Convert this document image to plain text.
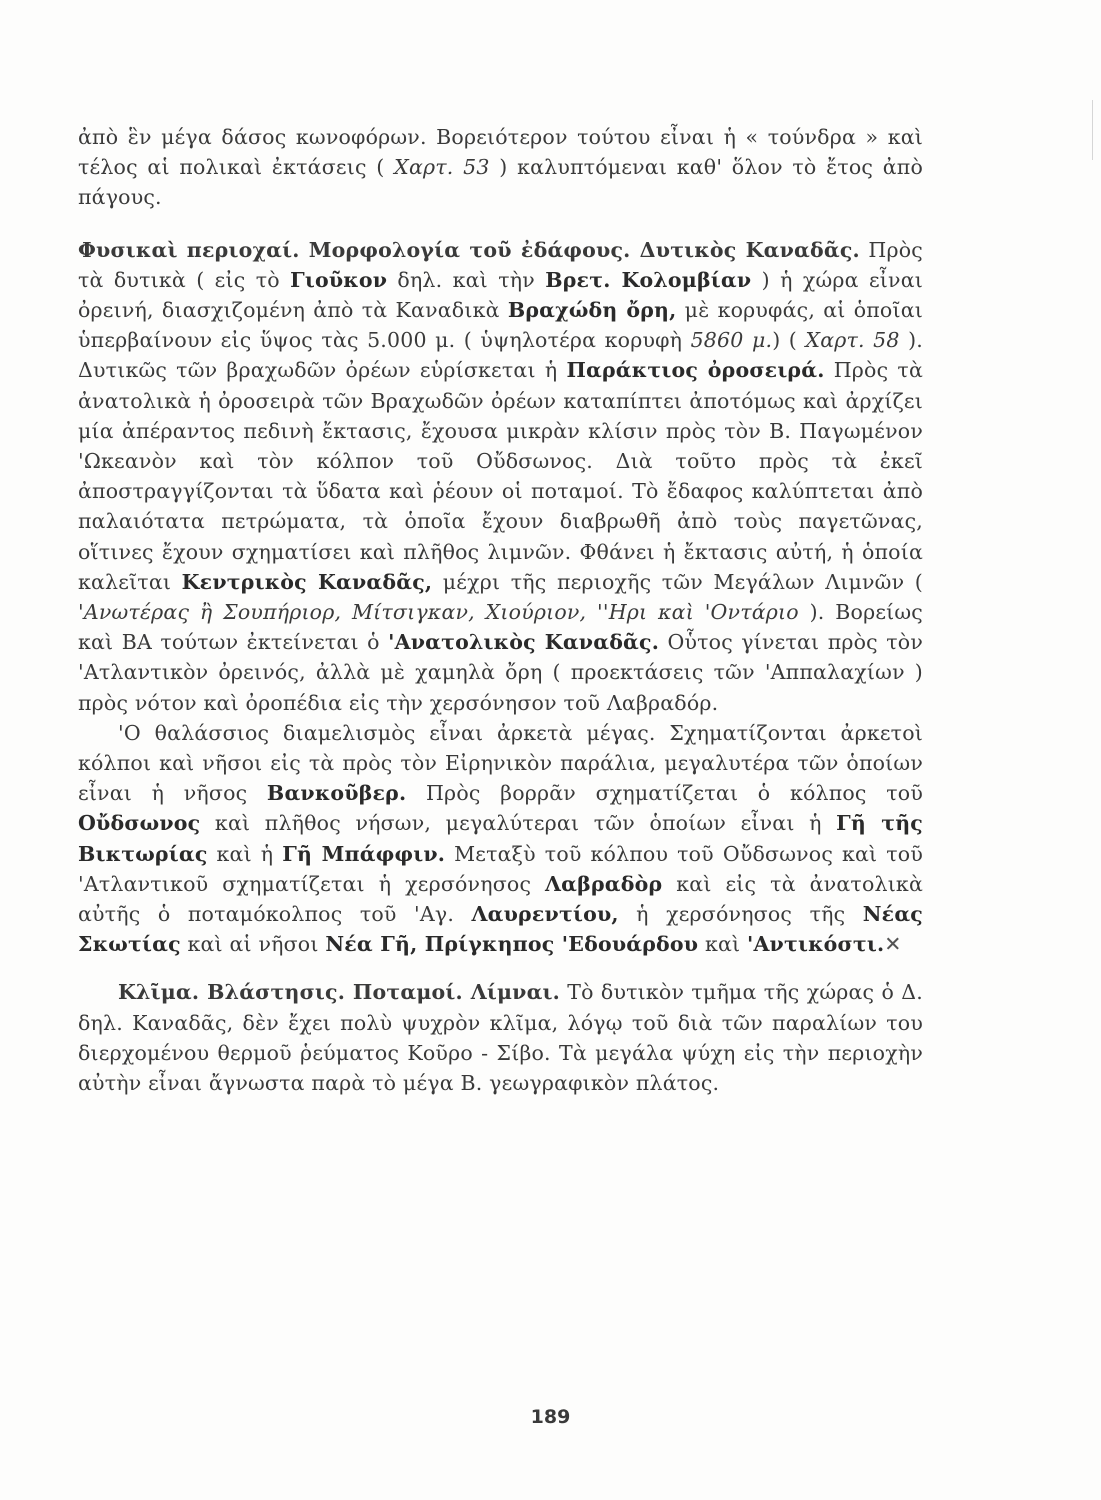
ἀπὸ ἓν μέγα δάσος κωνοφόρων. Βορειότερον τούτου εἶναι ἡ « τούνδρα » καὶ τέλος αἱ πολικαὶ ἐκτάσεις ( Χαρτ. 53 ) καλυπτόμεναι καθ' ὅλον τὸ ἔτος ἀπὸ πάγους.

Φυσικαὶ περιοχαί. Μορφολογία τοῦ ἐδάφους. Δυτικὸς Καναδᾶς. Πρὸς τὰ δυτικὰ ( εἰς τὸ Γιοῦκον δηλ. καὶ τὴν Βρετ. Κολομβίαν ) ἡ χώρα εἶναι ὀρεινή, διασχιζομένη ἀπὸ τὰ Καναδικὰ Βραχώδη ὄρη, μὲ κορυφάς, αἱ ὁποῖαι ὑπερβαίνουν εἰς ὕψος τὰς 5.000 μ. ( ὑψηλοτέρα κορυφὴ 5860 μ.) ( Χαρτ. 58 ). Δυτικῶς τῶν βραχωδῶν ὀρέων εὑρίσκεται ἡ Παράκτιος ὀροσειρά. Πρὸς τὰ ἀνατολικὰ ἡ ὀροσειρὰ τῶν Βραχωδῶν ὀρέων καταπίπτει ἀποτόμως καὶ ἀρχίζει μία ἀπέραντος πεδινὴ ἔκτασις, ἔχουσα μικρὰν κλίσιν πρὸς τὸν Β. Παγωμένον 'Ωκεανὸν καὶ τὸν κόλπον τοῦ Οὔδσωνος. Διὰ τοῦτο πρὸς τὰ ἐκεῖ ἀποστραγγίζονται τὰ ὕδατα καὶ ῥέουν οἱ ποταμοί. Τὸ ἔδαφος καλύπτεται ἀπὸ παλαιότατα πετρώματα, τὰ ὁποῖα ἔχουν διαβρωθῆ ἀπὸ τοὺς παγετῶνας, οἵτινες ἔχουν σχηματίσει καὶ πλῆθος λιμνῶν. Φθάνει ἡ ἔκτασις αὐτή, ἡ ὁποία καλεῖται Κεντρικὸς Καναδᾶς, μέχρι τῆς περιοχῆς τῶν Μεγάλων Λιμνῶν ( 'Ανωτέρας ἢ Σουπήριορ, Μίτσιγκαν, Χιούριον, ''Ηρι καὶ 'Οντάριο ). Βορείως καὶ ΒΑ τούτων ἐκτείνεται ὁ 'Ανατολικὸς Καναδᾶς. Οὗτος γίνεται πρὸς τὸν 'Ατλαντικὸν ὀρεινός, ἀλλὰ μὲ χαμηλὰ ὄρη ( προεκτάσεις τῶν 'Aππαλαχίων ) πρὸς νότον καὶ ὀροπέδια εἰς τὴν χερσόνησον τοῦ Λαβραδόρ.

'Ο θαλάσσιος διαμελισμὸς εἶναι ἀρκετὰ μέγας. Σχηματίζονται ἀρκετοὶ κόλποι καὶ νῆσοι εἰς τὰ πρὸς τὸν Εἰρηνικὸν παράλια, μεγαλυτέρα τῶν ὁποίων εἶναι ἡ νῆσος Βανκοῦβερ. Πρὸς βορρᾶν σχηματίζεται ὁ κόλπος τοῦ Οὔδσωνος καὶ πλῆθος νήσων, μεγαλύτεραι τῶν ὁποίων εἶναι ἡ Γῆ τῆς Βικτωρίας καὶ ἡ Γῆ Μπάφφιν. Μεταξὺ τοῦ κόλπου τοῦ Οὔδσωνος καὶ τοῦ 'Ατλαντικοῦ σχηματίζεται ἡ χερσόνησος Λαβραδὸρ καὶ εἰς τὰ ἀνατολικὰ αὐτῆς ὁ ποταμόκολπος τοῦ 'Αγ. Λαυρεντίου, ἡ χερσόνησος τῆς Νέας Σκωτίας καὶ αἱ νῆσοι Νέα Γῆ, Πρίγκηπος 'Εδουάρδου καὶ 'Αντικόστι.✕

Κλῖμα. Βλάστησις. Ποταμοί. Λίμναι. Τὸ δυτικὸν τμῆμα τῆς χώρας ὁ Δ. δηλ. Καναδᾶς, δὲν ἔχει πολὺ ψυχρὸν κλῖμα, λόγῳ τοῦ διὰ τῶν παραλίων του διερχομένου θερμοῦ ῥεύματος Κοῦρο - Σίβο. Τὰ μεγάλα ψύχη εἰς τὴν περιοχὴν αὐτὴν εἶναι ἄγνωστα παρὰ τὸ μέγα Β. γεωγραφικὸν πλάτος.

189
